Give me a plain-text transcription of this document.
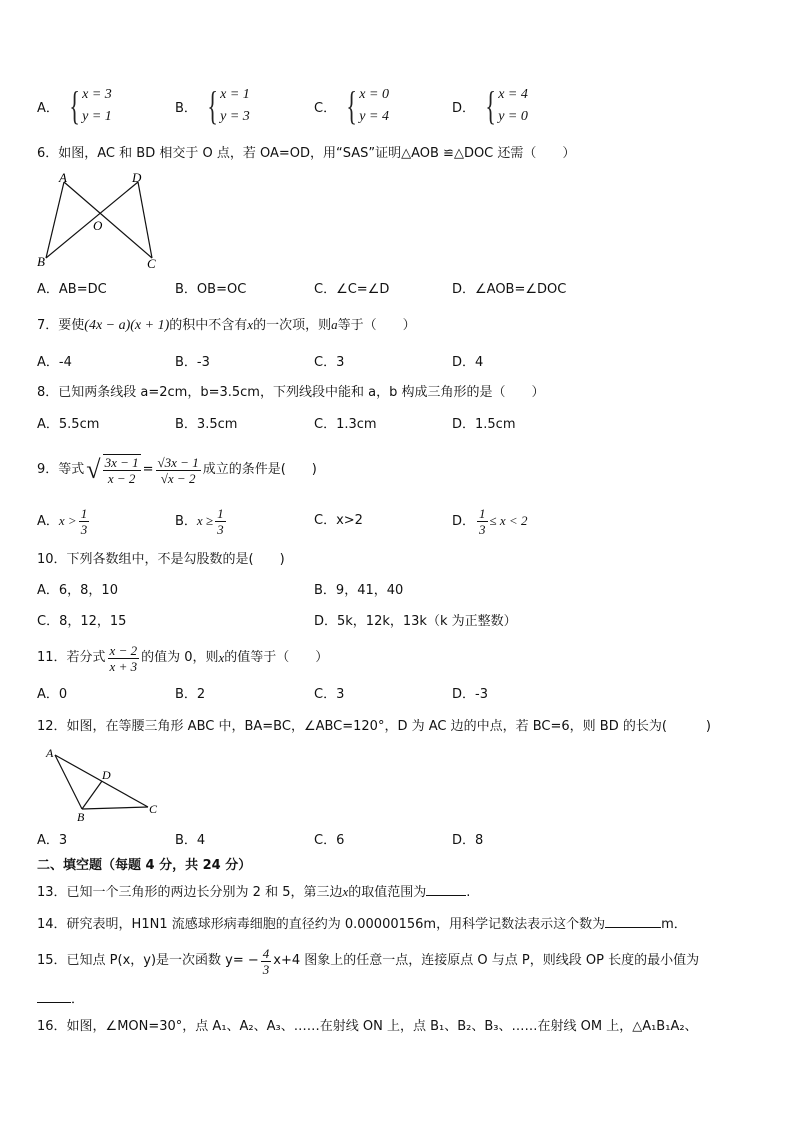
A． { x = 3
y = 1
B． { x = 1
y = 3
C． { x = 0
y = 4
D． { x = 4
y = 0
6．如图，AC 和 BD 相交于 O 点，若 OA=OD，用“SAS”证明△AOB ≌△DOC 还需（　　）
A	D
O
B	C
A．AB=DC	B．OB=OC	C．∠C=∠D	D．∠AOB=∠DOC
7．要使(4x − a)(x + 1)的积中不含有x的一次项，则a等于（　　）
A．-4	B．-3	C．3	D．4
8．已知两条线段 a=2cm，b=3.5cm，下列线段中能和 a，b 构成三角形的是（　　）
A．5.5cm	B．3.5cm	C．1.3cm	D．1.5cm
9．等式 √ $\frac{3x - 1}{x - 2} = \frac{√3x - 1}{√x - 2}$ 成立的条件是(　　)
A．$x > \frac{1}{3}$	B．$x \ge \frac{1}{3}$	C．x>2	D． $\frac{1}{3} \le x < 2$
10．下列各数组中，不是勾股数的是(　　)
A．6，8，10	B．9，41，40
C．8，12，15	D．5k，12k，13k（k 为正整数）
11．若分式 $\frac{x - 2}{x + 3}$ 的值为 0，则 x 的值等于（　　）
A．0	B．2	C．3	D．-3
12．如图，在等腰三角形 ABC 中，BA=BC，∠ABC=120°，D 为 AC 边的中点，若 BC=6，则 BD 的长为(　　　)
A
D
B
C
A．3	B．4	C．6	D．8
二、填空题（每题 4 分，共 24 分）
13．已知一个三角形的两边长分别为 2 和 5，第三边x的取值范围为	.
14．研究表明，H1N1 流感球形病毒细胞的直径约为 0.00000156m，用科学记数法表示这个数为	m．
15．已知点 P(x，y)是一次函数 $y= - \frac{4}{3} x+4$ 图象上的任意一点，连接原点 O 与点 P，则线段 OP 长度的最小值为
．
16．如图，∠MON=30°，点 A₁、A₂、A₃、……在射线 ON 上，点 B₁、B₂、B₃、……在射线 OM 上，△A₁B₁A₂、
